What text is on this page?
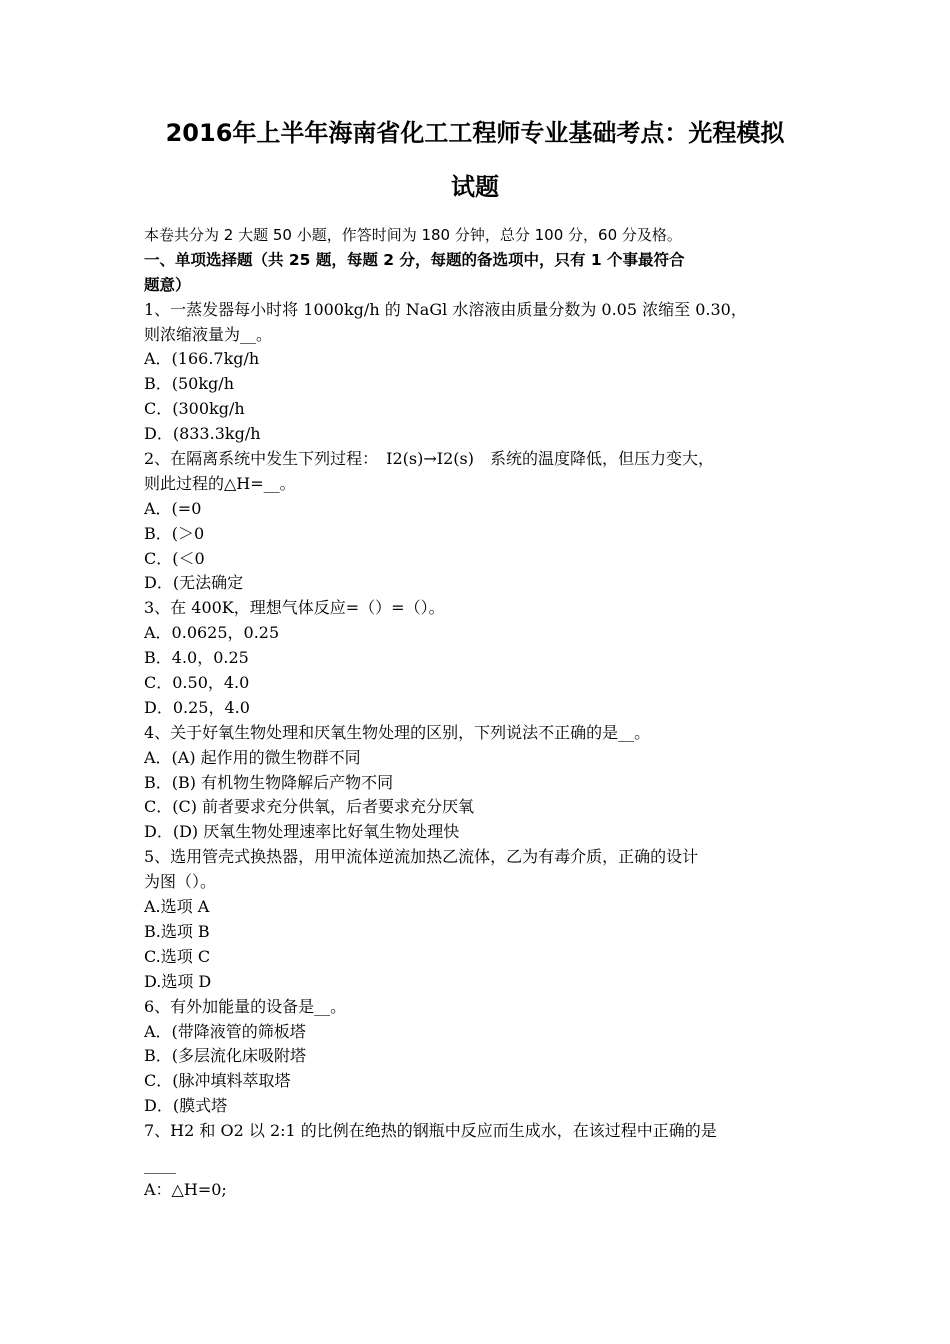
2016年上半年海南省化工工程师专业基础考点：光程模拟
试题
本卷共分为 2 大题 50 小题，作答时间为 180 分钟，总分 100 分，60 分及格。
一、单项选择题（共 25 题，每题 2 分，每题的备选项中，只有 1 个事最符合
题意）
1、一蒸发器每小时将 1000kg/h 的 NaGl 水溶液由质量分数为 0.05 浓缩至 0.30，
则浓缩液量为__。
A．(166.7kg/h
B．(50kg/h
C．(300kg/h
D．(833.3kg/h
2、在隔离系统中发生下列过程：　I2(s)→I2(s)　系统的温度降低，但压力变大，
则此过程的△H=__。
A．(=0
B．(＞0
C．(＜0
D．(无法确定
3、在 400K，理想气体反应=（）=（）。
A．0.0625，0.25
B．4.0，0.25
C．0.50，4.0
D．0.25，4.0
4、关于好氧生物处理和厌氧生物处理的区别，下列说法不正确的是__。
A．(A) 起作用的微生物群不同
B．(B) 有机物生物降解后产物不同
C．(C) 前者要求充分供氧，后者要求充分厌氧
D．(D) 厌氧生物处理速率比好氧生物处理快
5、选用管壳式换热器，用甲流体逆流加热乙流体，乙为有毒介质，正确的设计
为图（）。
A.选项 A
B.选项 B
C.选项 C
D.选项 D
6、有外加能量的设备是__。
A．(带降液管的筛板塔
B．(多层流化床吸附塔
C．(脉冲填料萃取塔
D．(膜式塔
7、H2 和 O2 以 2:1 的比例在绝热的钢瓶中反应而生成水，在该过程中正确的是
____
A：△H=0;
